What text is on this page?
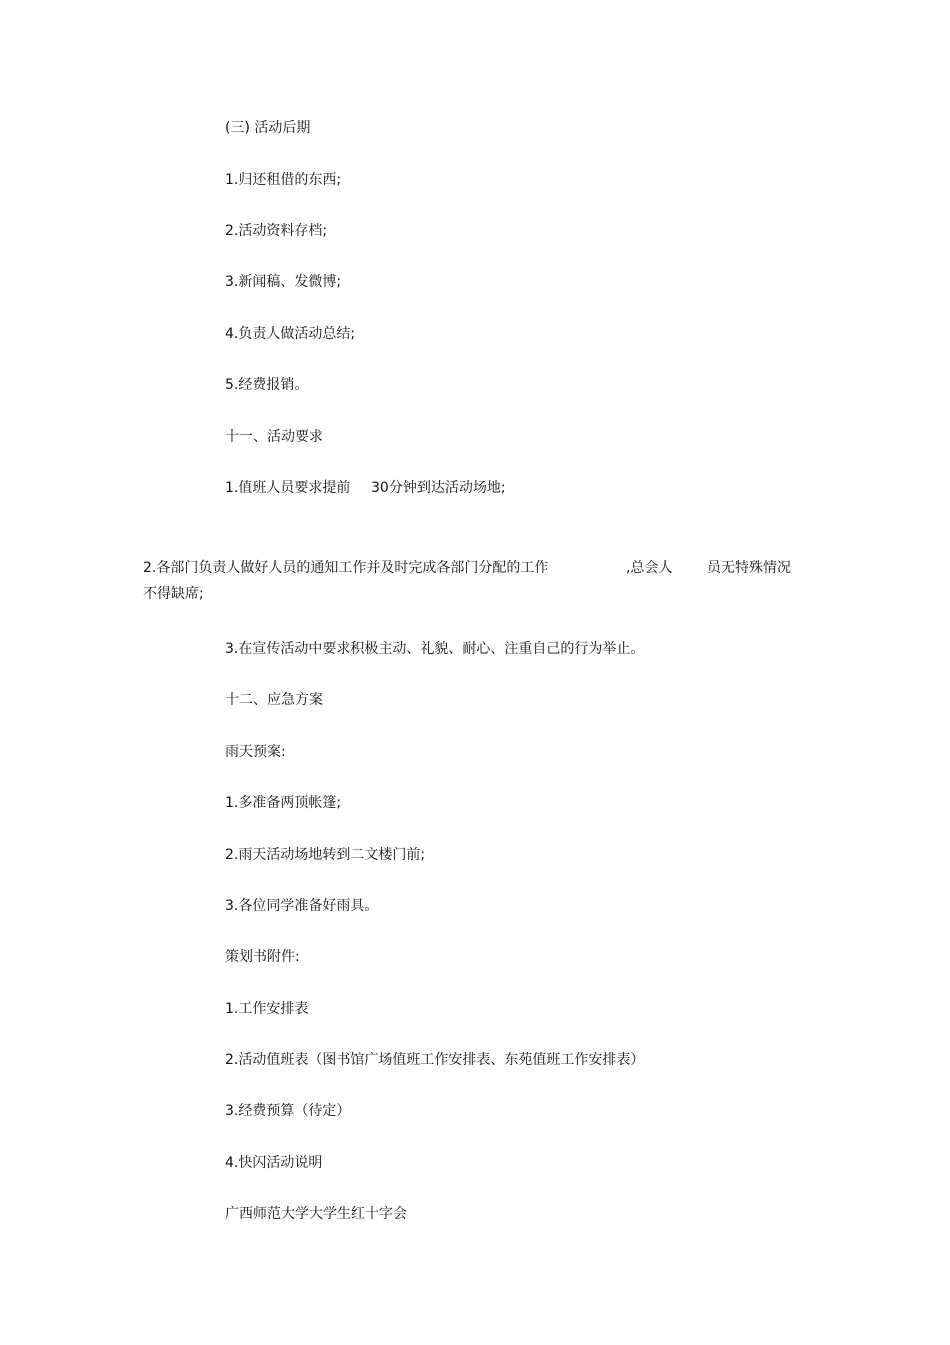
(三) 活动后期
1.归还租借的东西;
2.活动资料存档;
3.新闻稿、发微博;
4.负责人做活动总结;
5.经费报销。
十一、活动要求
1.值班人员要求提前 30分钟到达活动场地;
2.各部门负责人做好人员的通知工作并及时完成各部门分配的工作	,总会人 员无特殊情况
不得缺席;
3.在宣传活动中要求积极主动、礼貌、耐心、注重自己的行为举止。
十二、应急方案
雨天预案:
1.多准备两顶帐篷;
2.雨天活动场地转到二文楼门前;
3.各位同学准备好雨具。
策划书附件:
1.工作安排表
2.活动值班表（图书馆广场值班工作安排表、东苑值班工作安排表）
3.经费预算（待定）
4.快闪活动说明
广西师范大学大学生红十字会
